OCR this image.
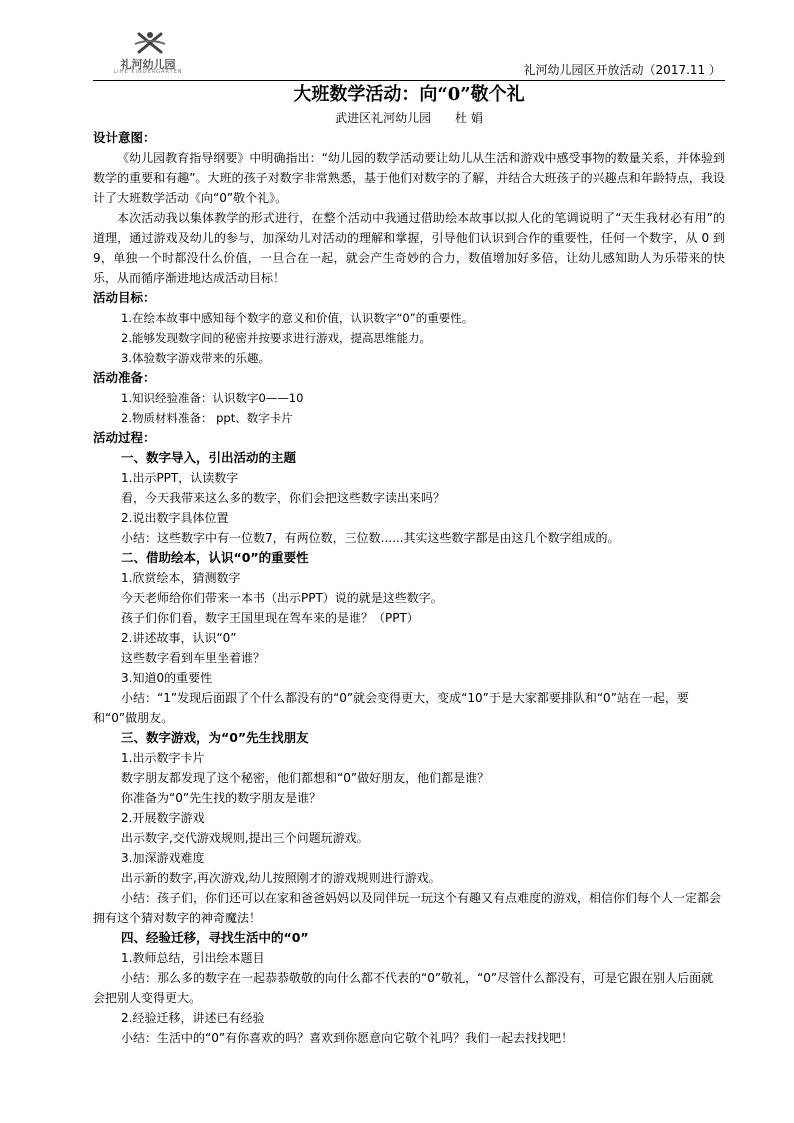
礼河幼儿园
LIHE KINDERGARTEN	礼河幼儿园区开放活动（2017.11 ）

大班数学活动：向“0”敬个礼

武进区礼河幼儿园 杜 娟

设计意图：

《幼儿园教育指导纲要》中明确指出：“幼儿园的数学活动要让幼儿从生活和游戏中感受事物的数量关系，并体验到数学的重要和有趣”。大班的孩子对数字非常熟悉，基于他们对数字的了解，并结合大班孩子的兴趣点和年龄特点，我设计了大班数学活动《向“0”敬个礼》。

本次活动我以集体教学的形式进行，在整个活动中我通过借助绘本故事以拟人化的笔调说明了“天生我材必有用”的道理，通过游戏及幼儿的参与，加深幼儿对活动的理解和掌握，引导他们认识到合作的重要性，任何一个数字，从 0 到 9，单独一个时都没什么价值，一旦合在一起，就会产生奇妙的合力，数值增加好多倍，让幼儿感知助人为乐带来的快乐，从而循序渐进地达成活动目标！

活动目标：

1.在绘本故事中感知每个数字的意义和价值，认识数字“0”的重要性。

2.能够发现数字间的秘密并按要求进行游戏，提高思维能力。

3.体验数字游戏带来的乐趣。

活动准备：

1.知识经验准备：认识数字0——10

2.物质材料准备： ppt、数字卡片

活动过程：

一、数字导入，引出活动的主题

1.出示PPT，认读数字

看，今天我带来这么多的数字，你们会把这些数字读出来吗？

2.说出数字具体位置

小结：这些数字中有一位数7，有两位数，三位数......其实这些数字都是由这几个数字组成的。

二、借助绘本，认识“0”的重要性

1.欣赏绘本，猜测数字

今天老师给你们带来一本书（出示PPT）说的就是这些数字。

孩子们你们看，数字王国里现在驾车来的是谁？（PPT）

2.讲述故事，认识“0”

这些数字看到车里坐着谁？

3.知道0的重要性

小结：“1”发现后面跟了个什么都没有的“0”就会变得更大，变成“10”于是大家都要排队和“0”站在一起，要和“0”做朋友。

三、数字游戏，为“0”先生找朋友

1.出示数字卡片

数字朋友都发现了这个秘密，他们都想和“0”做好朋友，他们都是谁？

你准备为“0”先生找的数字朋友是谁？

2.开展数字游戏

出示数字,交代游戏规则,提出三个问题玩游戏。

3.加深游戏难度

出示新的数字,再次游戏,幼儿按照刚才的游戏规则进行游戏。

小结：孩子们，你们还可以在家和爸爸妈妈以及同伴玩一玩这个有趣又有点难度的游戏，相信你们每个人一定都会拥有这个猜对数字的神奇魔法！

四、经验迁移，寻找生活中的“0”

1.教师总结，引出绘本题目

小结：那么多的数字在一起恭恭敬敬的向什么都不代表的“0”敬礼，“0”尽管什么都没有，可是它跟在别人后面就会把别人变得更大。

2.经验迁移，讲述已有经验

小结：生活中的“0”有你喜欢的吗？喜欢到你愿意向它敬个礼吗？我们一起去找找吧！
